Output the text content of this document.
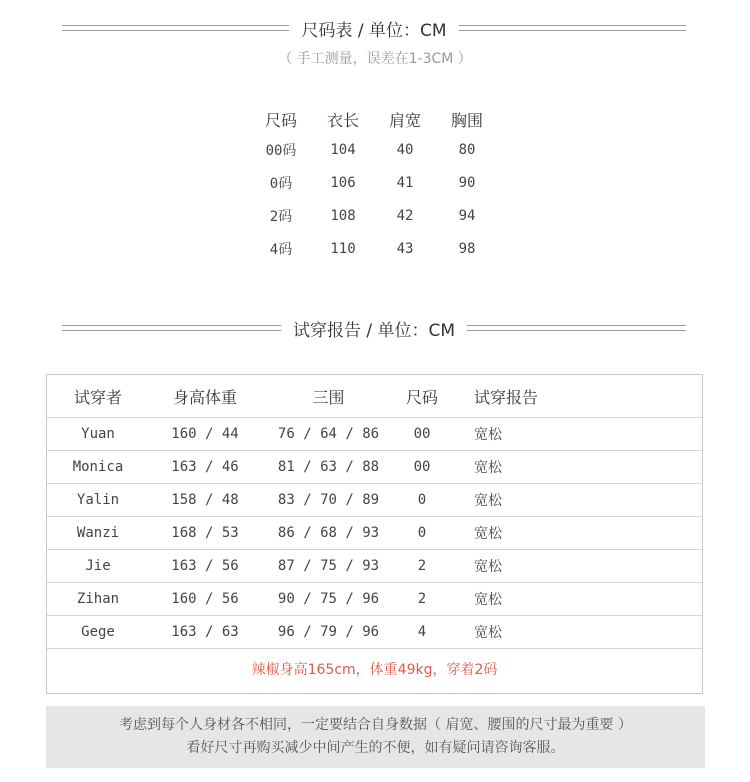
尺码表 / 单位：CM
（ 手工测量，误差在1-3CM ）
尺码	衣长	肩宽	胸围
00码	104	40	80
0码	106	41	90
2码	108	42	94
4码	110	43	98
试穿报告 / 单位：CM
试穿者	身高体重	三围	尺码	试穿报告
Yuan	160 / 44	76 / 64 / 86	00	宽松
Monica	163 / 46	81 / 63 / 88	00	宽松
Yalin	158 / 48	83 / 70 / 89	0	宽松
Wanzi	168 / 53	86 / 68 / 93	0	宽松
Jie	163 / 56	87 / 75 / 93	2	宽松
Zihan	160 / 56	90 / 75 / 96	2	宽松
Gege	163 / 63	96 / 79 / 96	4	宽松
辣椒身高165cm，体重49kg，穿着2码
考虑到每个人身材各不相同，一定要结合自身数据（ 肩宽、腰围的尺寸最为重要 ）
看好尺寸再购买减少中间产生的不便，如有疑问请咨询客服。
